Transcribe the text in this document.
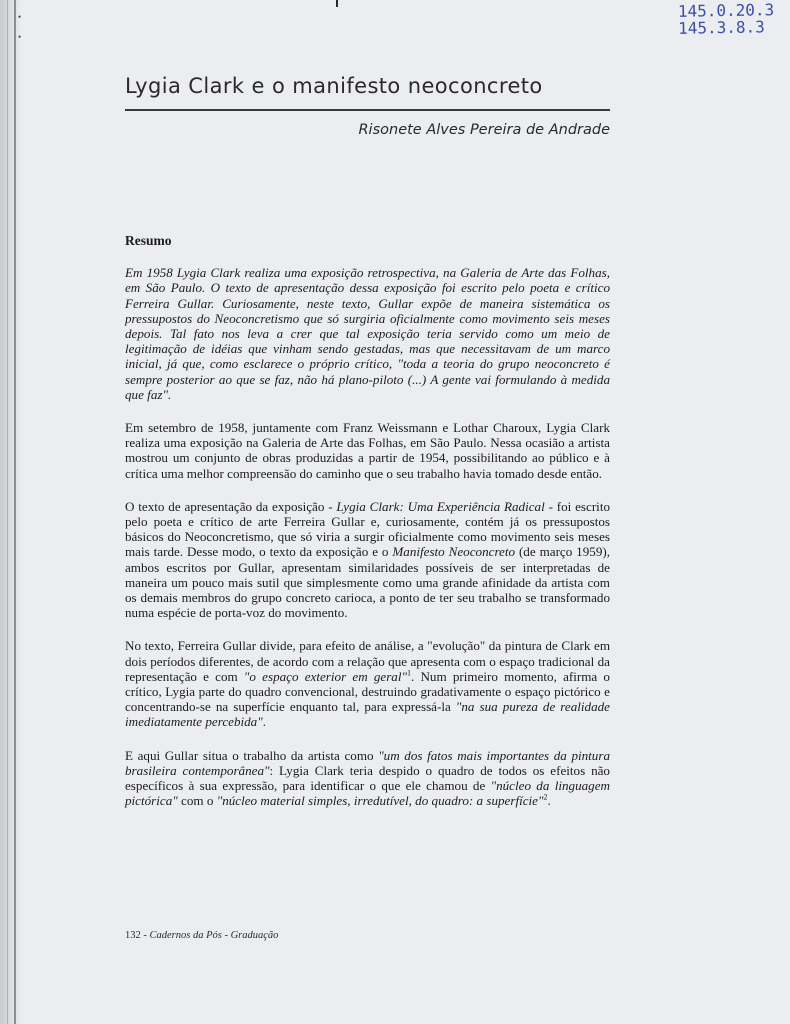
•
•
145.0.20.3
145.3.8.3
Lygia Clark e o manifesto neoconcreto
Risonete Alves Pereira de Andrade
Resumo

Em 1958 Lygia Clark realiza uma exposição retrospectiva, na Galeria de Arte das Folhas, em São Paulo. O texto de apresentação dessa exposição foi escrito pelo poeta e crítico Ferreira Gullar. Curiosamente, neste texto, Gullar expõe de maneira sistemática os pressupostos do Neoconcretismo que só surgiria oficialmente como movimento seis meses depois. Tal fato nos leva a crer que tal exposição teria servido como um meio de legitimação de idéias que vinham sendo gestadas, mas que necessitavam de um marco inicial, já que, como esclarece o próprio crítico, "toda a teoria do grupo neoconcreto é sempre posterior ao que se faz, não há plano-piloto (...) A gente vai formulando à medida que faz".

Em setembro de 1958, juntamente com Franz Weissmann e Lothar Charoux, Lygia Clark realiza uma exposição na Galeria de Arte das Folhas, em São Paulo. Nessa ocasião a artista mostrou um conjunto de obras produzidas a partir de 1954, possibilitando ao público e à crítica uma melhor compreensão do caminho que o seu trabalho havia tomado desde então.

O texto de apresentação da exposição - Lygia Clark: Uma Experiência Radical - foi escrito pelo poeta e crítico de arte Ferreira Gullar e, curiosamente, contém já os pressupostos básicos do Neoconcretismo, que só viria a surgir oficialmente como movimento seis meses mais tarde. Desse modo, o texto da exposição e o Manifesto Neoconcreto (de março 1959), ambos escritos por Gullar, apresentam similaridades possíveis de ser interpretadas de maneira um pouco mais sutil que simplesmente como uma grande afinidade da artista com os demais membros do grupo concreto carioca, a ponto de ter seu trabalho se transformado numa espécie de porta-voz do movimento.

No texto, Ferreira Gullar divide, para efeito de análise, a "evolução" da pintura de Clark em dois períodos diferentes, de acordo com a relação que apresenta com o espaço tradicional da representação e com "o espaço exterior em geral"$^1$. Num primeiro momento, afirma o crítico, Lygia parte do quadro convencional, destruindo gradativamente o espaço pictórico e concentrando-se na superfície enquanto tal, para expressá-la "na sua pureza de realidade imediatamente percebida".

E aqui Gullar situa o trabalho da artista como "um dos fatos mais importantes da pintura brasileira contemporânea": Lygia Clark teria despido o quadro de todos os efeitos não específicos à sua expressão, para identificar o que ele chamou de "núcleo da linguagem pictórica" com o "núcleo material simples, irredutível, do quadro: a superfície"$^2$.

132 - Cadernos da Pós - Graduação
